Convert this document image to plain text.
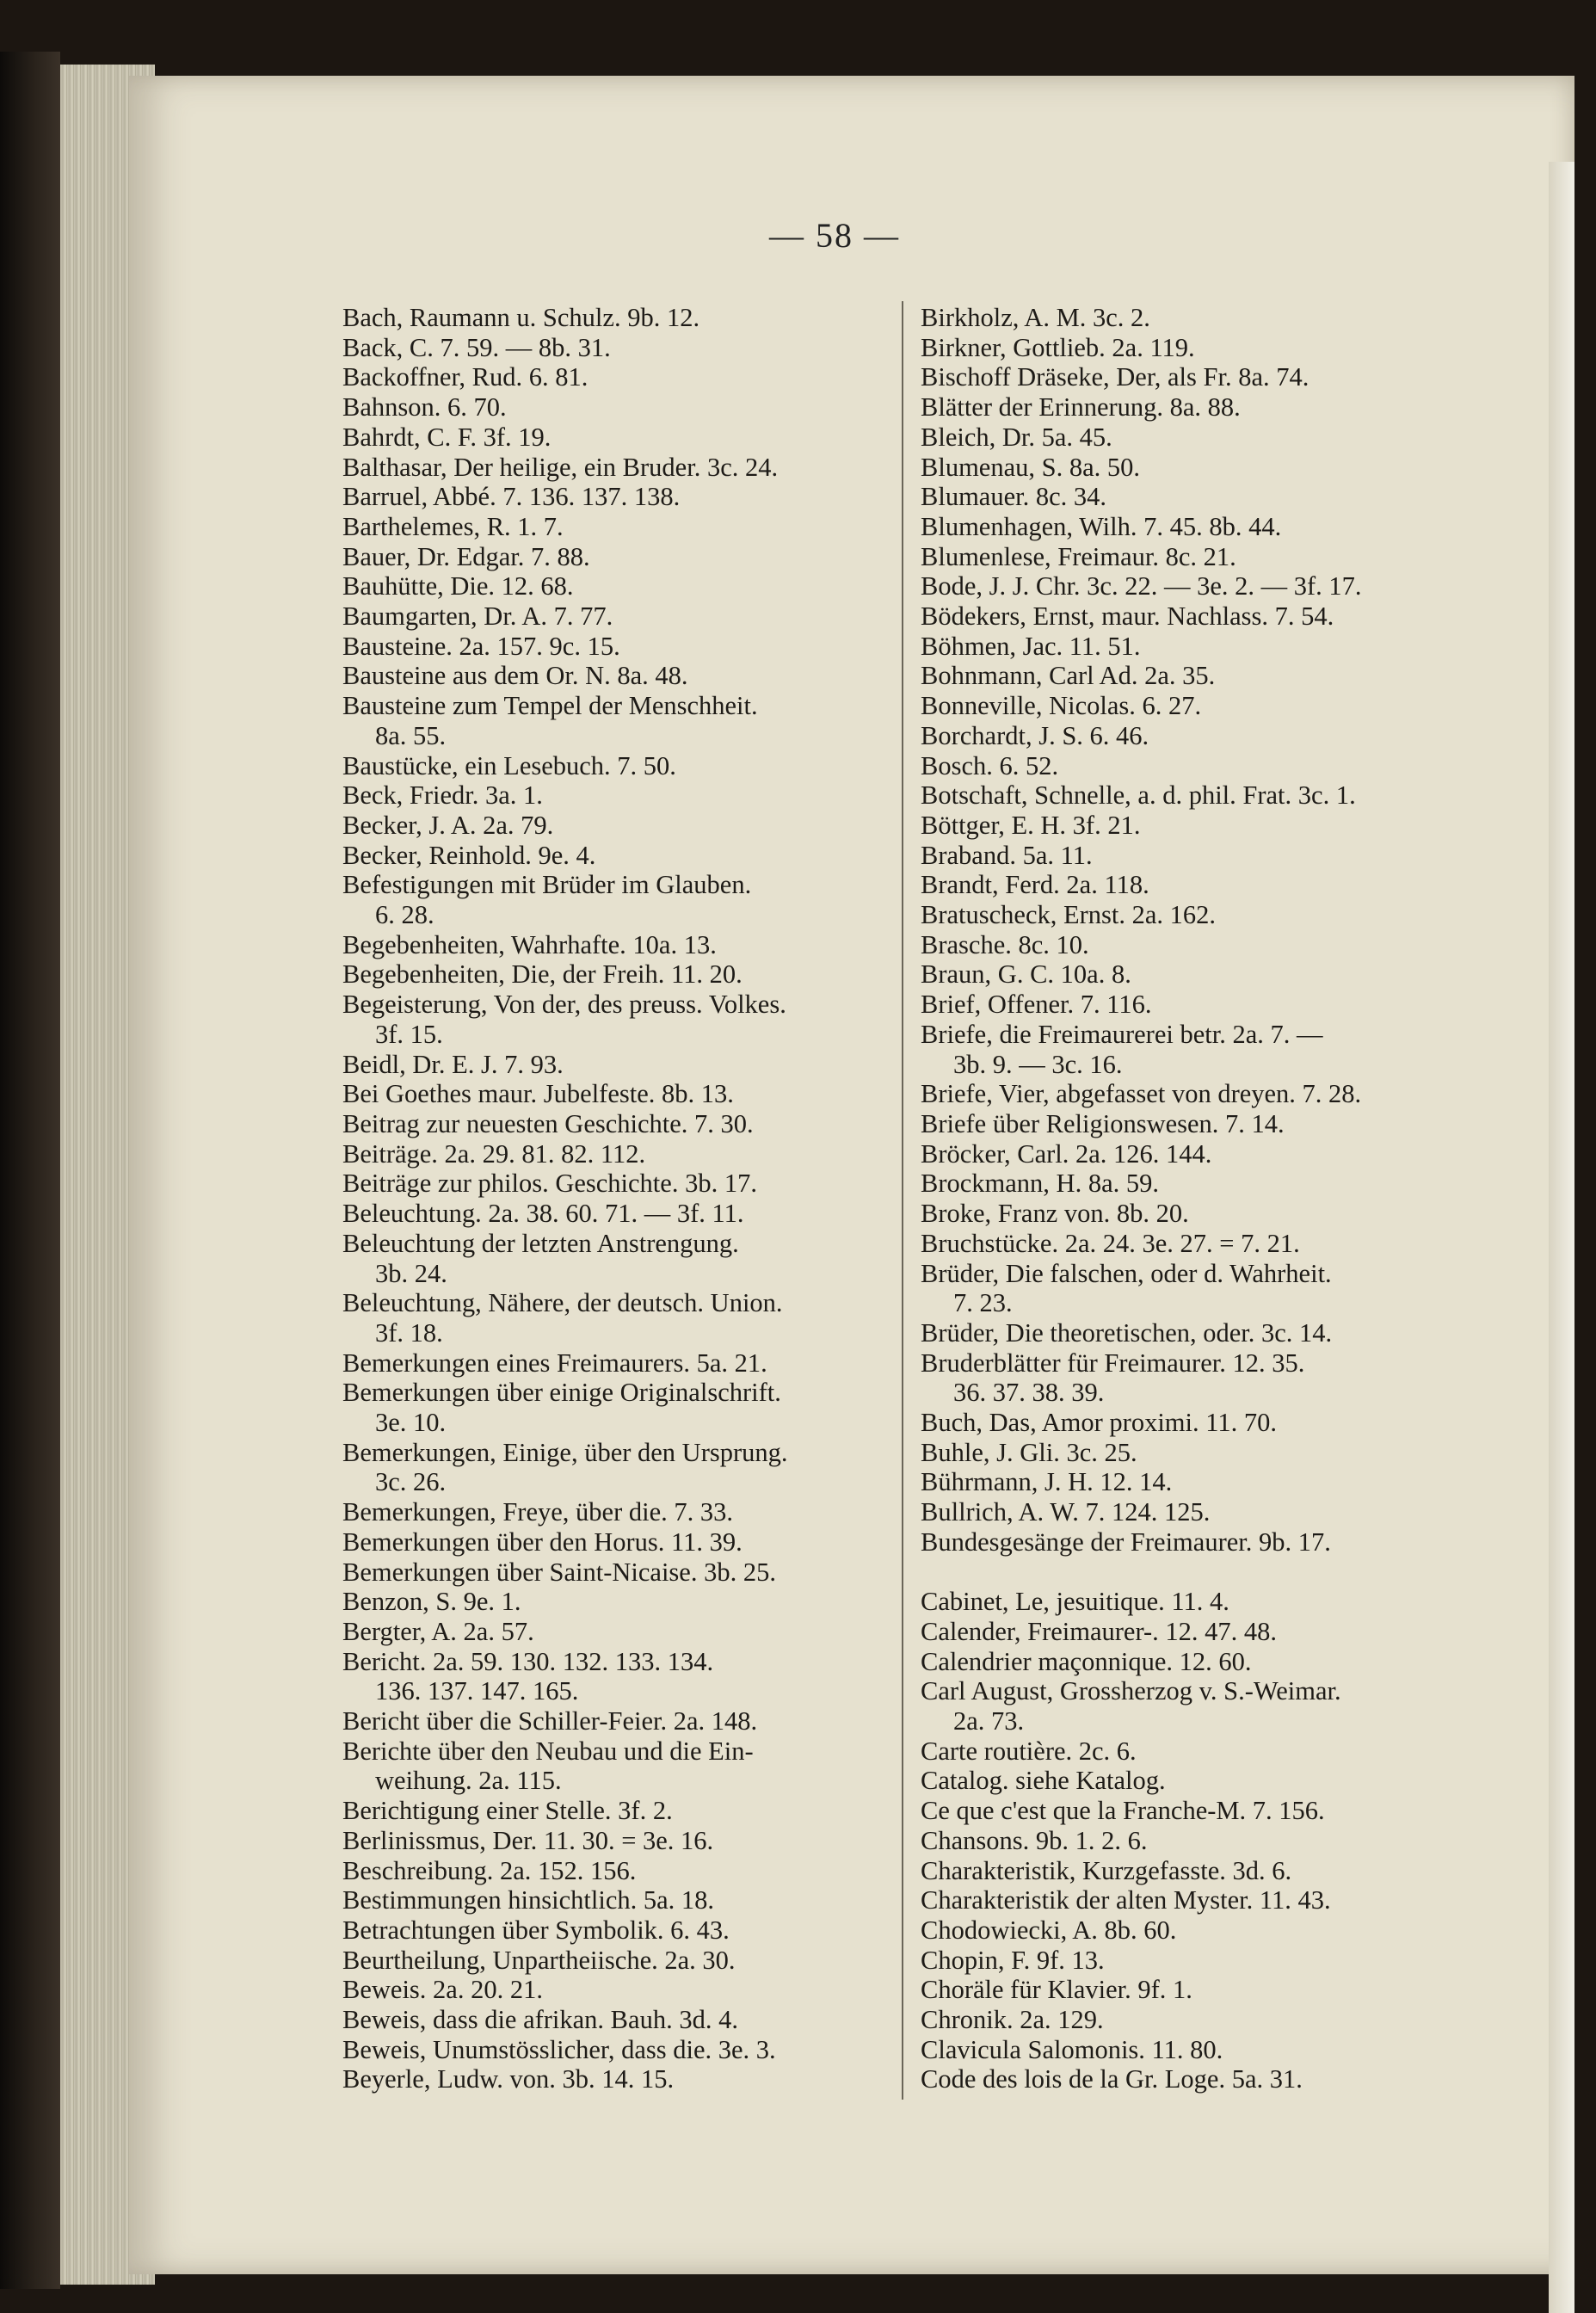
— 58 —
Bach, Raumann u. Schulz. 9b. 12.
Back, C. 7. 59. — 8b. 31.
Backoffner, Rud. 6. 81.
Bahnson. 6. 70.
Bahrdt, C. F. 3f. 19.
Balthasar, Der heilige, ein Bruder. 3c. 24.
Barruel, Abbé. 7. 136. 137. 138.
Barthelemes, R. 1. 7.
Bauer, Dr. Edgar. 7. 88.
Bauhütte, Die. 12. 68.
Baumgarten, Dr. A. 7. 77.
Bausteine. 2a. 157. 9c. 15.
Bausteine aus dem Or. N. 8a. 48.
Bausteine zum Tempel der Menschheit.
8a. 55.
Baustücke, ein Lesebuch. 7. 50.
Beck, Friedr. 3a. 1.
Becker, J. A. 2a. 79.
Becker, Reinhold. 9e. 4.
Befestigungen mit Brüder im Glauben.
6. 28.
Begebenheiten, Wahrhafte. 10a. 13.
Begebenheiten, Die, der Freih. 11. 20.
Begeisterung, Von der, des preuss. Volkes.
3f. 15.
Beidl, Dr. E. J. 7. 93.
Bei Goethes maur. Jubelfeste. 8b. 13.
Beitrag zur neuesten Geschichte. 7. 30.
Beiträge. 2a. 29. 81. 82. 112.
Beiträge zur philos. Geschichte. 3b. 17.
Beleuchtung. 2a. 38. 60. 71. — 3f. 11.
Beleuchtung der letzten Anstrengung.
3b. 24.
Beleuchtung, Nähere, der deutsch. Union.
3f. 18.
Bemerkungen eines Freimaurers. 5a. 21.
Bemerkungen über einige Originalschrift.
3e. 10.
Bemerkungen, Einige, über den Ursprung.
3c. 26.
Bemerkungen, Freye, über die. 7. 33.
Bemerkungen über den Horus. 11. 39.
Bemerkungen über Saint-Nicaise. 3b. 25.
Benzon, S. 9e. 1.
Bergter, A. 2a. 57.
Bericht. 2a. 59. 130. 132. 133. 134.
136. 137. 147. 165.
Bericht über die Schiller-Feier. 2a. 148.
Berichte über den Neubau und die Ein-
weihung. 2a. 115.
Berichtigung einer Stelle. 3f. 2.
Berlinissmus, Der. 11. 30. = 3e. 16.
Beschreibung. 2a. 152. 156.
Bestimmungen hinsichtlich. 5a. 18.
Betrachtungen über Symbolik. 6. 43.
Beurtheilung, Unpartheiische. 2a. 30.
Beweis. 2a. 20. 21.
Beweis, dass die afrikan. Bauh. 3d. 4.
Beweis, Unumstösslicher, dass die. 3e. 3.
Beyerle, Ludw. von. 3b. 14. 15.
Birkholz, A. M. 3c. 2.
Birkner, Gottlieb. 2a. 119.
Bischoff Dräseke, Der, als Fr. 8a. 74.
Blätter der Erinnerung. 8a. 88.
Bleich, Dr. 5a. 45.
Blumenau, S. 8a. 50.
Blumauer. 8c. 34.
Blumenhagen, Wilh. 7. 45. 8b. 44.
Blumenlese, Freimaur. 8c. 21.
Bode, J. J. Chr. 3c. 22. — 3e. 2. — 3f. 17.
Bödekers, Ernst, maur. Nachlass. 7. 54.
Böhmen, Jac. 11. 51.
Bohnmann, Carl Ad. 2a. 35.
Bonneville, Nicolas. 6. 27.
Borchardt, J. S. 6. 46.
Bosch. 6. 52.
Botschaft, Schnelle, a. d. phil. Frat. 3c. 1.
Böttger, E. H. 3f. 21.
Braband. 5a. 11.
Brandt, Ferd. 2a. 118.
Bratuscheck, Ernst. 2a. 162.
Brasche. 8c. 10.
Braun, G. C. 10a. 8.
Brief, Offener. 7. 116.
Briefe, die Freimaurerei betr. 2a. 7. —
3b. 9. — 3c. 16.
Briefe, Vier, abgefasset von dreyen. 7. 28.
Briefe über Religionswesen. 7. 14.
Bröcker, Carl. 2a. 126. 144.
Brockmann, H. 8a. 59.
Broke, Franz von. 8b. 20.
Bruchstücke. 2a. 24. 3e. 27. = 7. 21.
Brüder, Die falschen, oder d. Wahrheit.
7. 23.
Brüder, Die theoretischen, oder. 3c. 14.
Bruderblätter für Freimaurer. 12. 35.
36. 37. 38. 39.
Buch, Das, Amor proximi. 11. 70.
Buhle, J. Gli. 3c. 25.
Bührmann, J. H. 12. 14.
Bullrich, A. W. 7. 124. 125.
Bundesgesänge der Freimaurer. 9b. 17.
Cabinet, Le, jesuitique. 11. 4.
Calender, Freimaurer-. 12. 47. 48.
Calendrier maçonnique. 12. 60.
Carl August, Grossherzog v. S.-Weimar.
2a. 73.
Carte routière. 2c. 6.
Catalog. siehe Katalog.
Ce que c'est que la Franche-M. 7. 156.
Chansons. 9b. 1. 2. 6.
Charakteristik, Kurzgefasste. 3d. 6.
Charakteristik der alten Myster. 11. 43.
Chodowiecki, A. 8b. 60.
Chopin, F. 9f. 13.
Choräle für Klavier. 9f. 1.
Chronik. 2a. 129.
Clavicula Salomonis. 11. 80.
Code des lois de la Gr. Loge. 5a. 31.
